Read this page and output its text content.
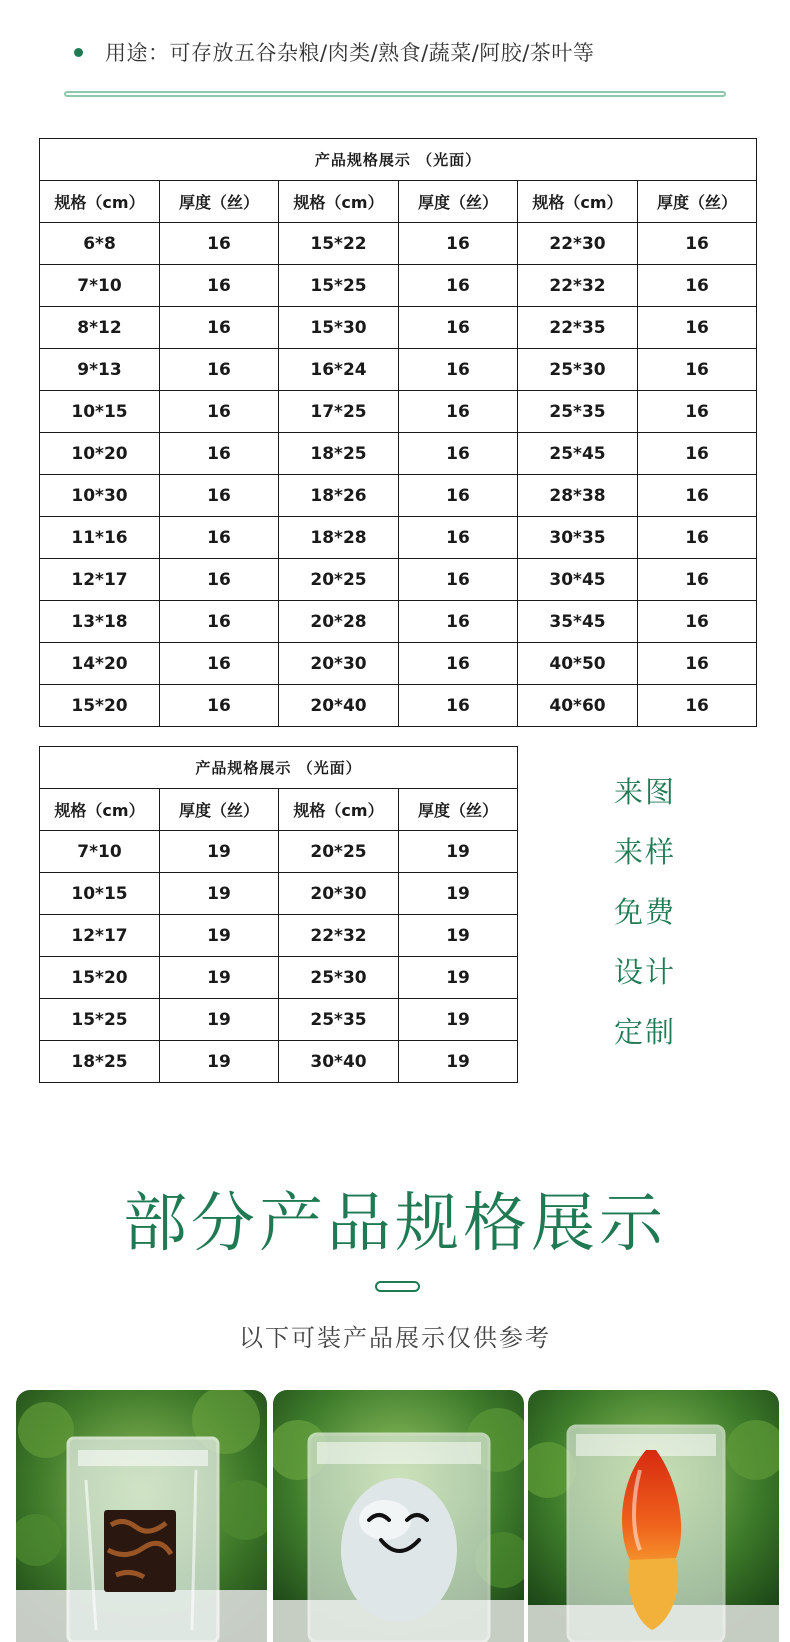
用途：可存放五谷杂粮/肉类/熟食/蔬菜/阿胶/茶叶等
产品规格展示 （光面）					
规格（cm）	厚度（丝）	规格（cm）	厚度（丝）	规格（cm）	厚度（丝）
6*8	16	15*22	16	22*30	16
7*10	16	15*25	16	22*32	16
8*12	16	15*30	16	22*35	16
9*13	16	16*24	16	25*30	16
10*15	16	17*25	16	25*35	16
10*20	16	18*25	16	25*45	16
10*30	16	18*26	16	28*38	16
11*16	16	18*28	16	30*35	16
12*17	16	20*25	16	30*45	16
13*18	16	20*28	16	35*45	16
14*20	16	20*30	16	40*50	16
15*20	16	20*40	16	40*60	16
产品规格展示 （光面）			
规格（cm）	厚度（丝）	规格（cm）	厚度（丝）
7*10	19	20*25	19
10*15	19	20*30	19
12*17	19	22*32	19
15*20	19	25*30	19
15*25	19	25*35	19
18*25	19	30*40	19
来图
来样
免费
设计
定制
部分产品规格展示
以下可装产品展示仅供参考
